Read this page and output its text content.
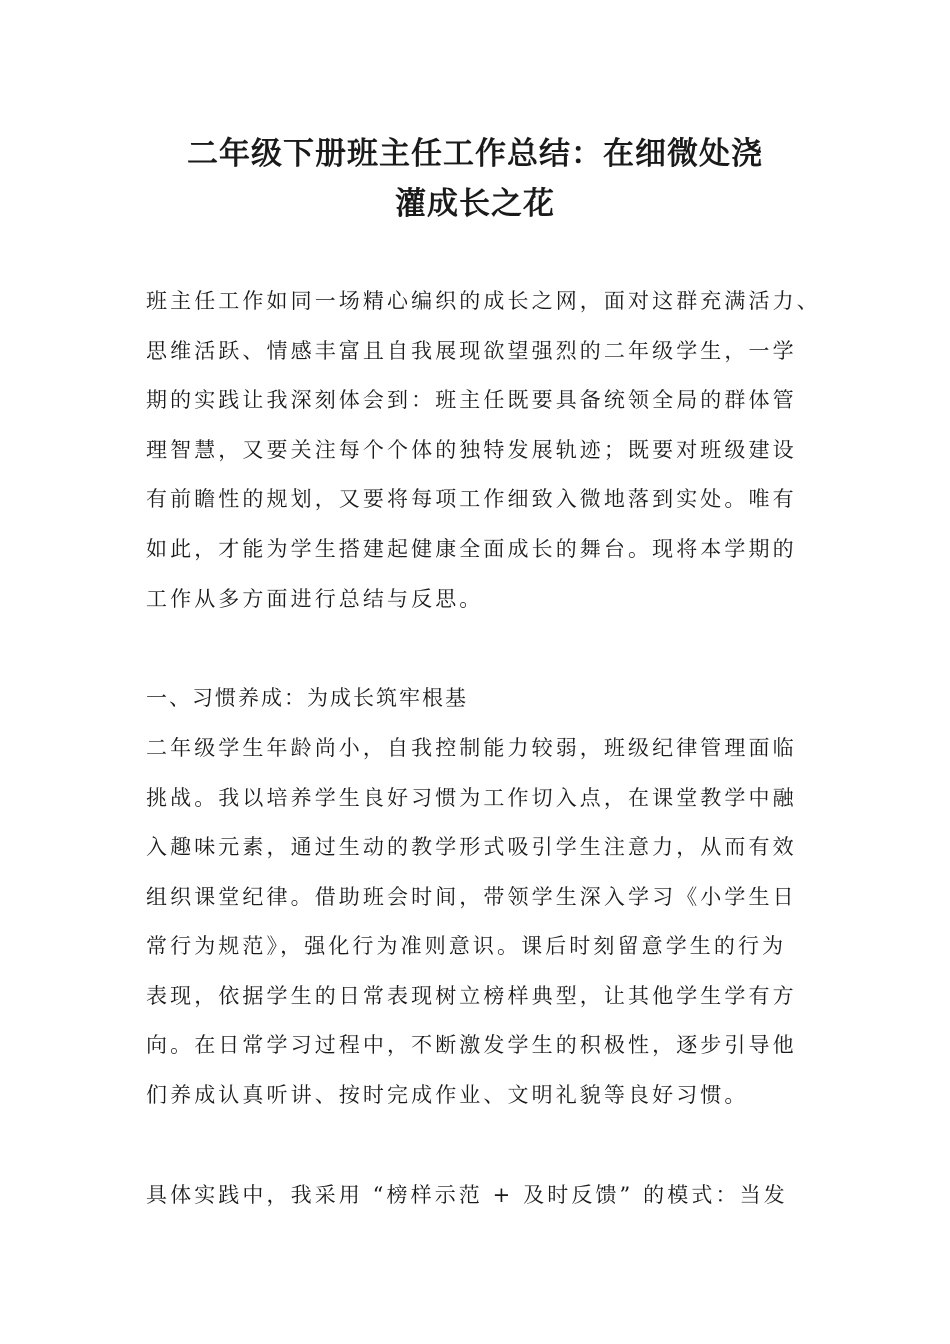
二年级下册班主任工作总结：在细微处浇
灌成长之花
班主任工作如同一场精心编织的成长之网，面对这群充满活力、
思维活跃、情感丰富且自我展现欲望强烈的二年级学生，一学
期的实践让我深刻体会到：班主任既要具备统领全局的群体管
理智慧，又要关注每个个体的独特发展轨迹；既要对班级建设
有前瞻性的规划，又要将每项工作细致入微地落到实处。唯有
如此，才能为学生搭建起健康全面成长的舞台。现将本学期的
工作从多方面进行总结与反思。
一、习惯养成：为成长筑牢根基
二年级学生年龄尚小，自我控制能力较弱，班级纪律管理面临
挑战。我以培养学生良好习惯为工作切入点，在课堂教学中融
入趣味元素，通过生动的教学形式吸引学生注意力，从而有效
组织课堂纪律。借助班会时间，带领学生深入学习《小学生日
常行为规范》，强化行为准则意识。课后时刻留意学生的行为
表现，依据学生的日常表现树立榜样典型，让其他学生学有方
向。在日常学习过程中，不断激发学生的积极性，逐步引导他
们养成认真听讲、按时完成作业、文明礼貌等良好习惯。
具体实践中，我采用 “榜样示范 + 及时反馈” 的模式：当发
